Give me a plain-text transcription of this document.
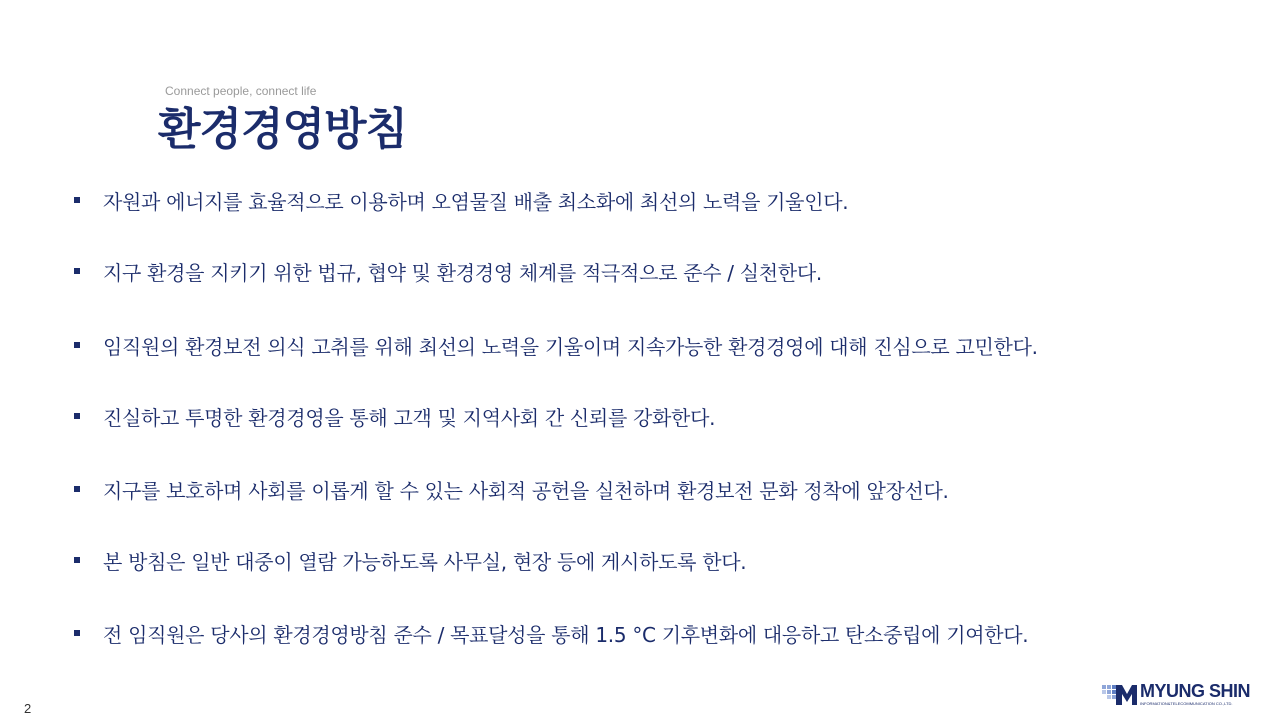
Connect people, connect life
환경경영방침
자원과 에너지를 효율적으로 이용하며 오염물질 배출 최소화에 최선의 노력을 기울인다.
지구 환경을 지키기 위한 법규, 협약 및 환경경영 체계를 적극적으로 준수 / 실천한다.
임직원의 환경보전 의식 고취를 위해 최선의 노력을 기울이며 지속가능한 환경경영에 대해 진심으로 고민한다.
진실하고 투명한 환경경영을 통해 고객 및 지역사회 간 신뢰를 강화한다.
지구를 보호하며 사회를 이롭게 할 수 있는 사회적 공헌을 실천하며 환경보전 문화 정착에 앞장선다.
본 방침은 일반 대중이 열람 가능하도록 사무실, 현장 등에 게시하도록 한다.
전 임직원은 당사의 환경경영방침 준수 / 목표달성을 통해 1.5 °C 기후변화에 대응하고 탄소중립에 기여한다.
2
MYUNG SHIN
INFORMATION&TELECOMMUNICATION CO.,LTD.
